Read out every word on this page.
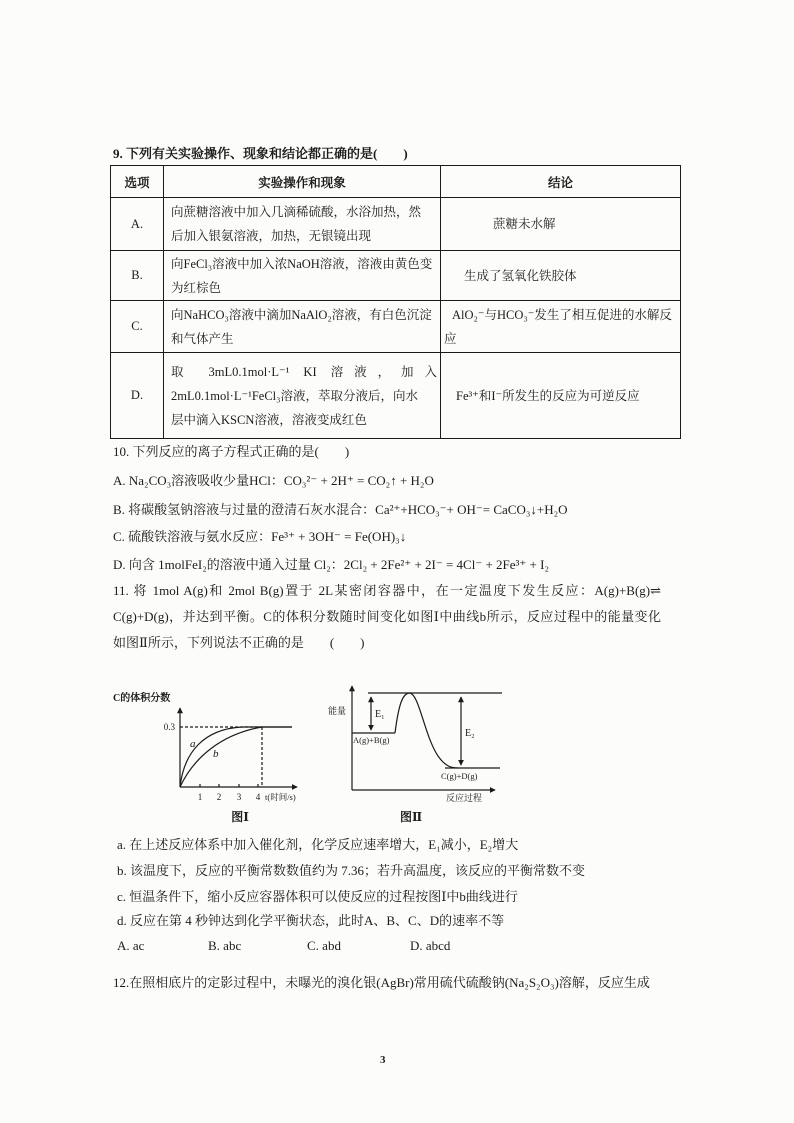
9. 下列有关实验操作、现象和结论都正确的是(　　)
选项	实验操作和现象	结论
A.	向蔗糖溶液中加入几滴稀硫酸，水浴加热，然
后加入银氨溶液，加热，无银镜出现	蔗糖未水解

B.	向FeCl₃溶液中加入浓NaOH溶液，溶液由黄色变
为红棕色	生成了氢氧化铁胶体

C.	向NaHCO₃溶液中滴加NaAlO₂溶液，有白色沉淀
和气体产生	AlO₂⁻与HCO₃⁻发生了相互促进的水解反
应

D.	取 3mL0.1mol·L⁻¹ KI 溶液，加入
2mL0.1mol·L⁻¹FeCl₃溶液，萃取分液后，向水
层中滴入KSCN溶液，溶液变成红色	Fe³⁺和I⁻所发生的反应为可逆反应
10. 下列反应的离子方程式正确的是(　　)
A. Na₂CO₃溶液吸收少量HCl：CO₃²⁻ + 2H⁺ = CO₂↑ + H₂O
B. 将碳酸氢钠溶液与过量的澄清石灰水混合：Ca²⁺+HCO₃⁻+ OH⁻= CaCO₃↓+H₂O
C. 硫酸铁溶液与氨水反应：Fe³⁺ + 3OH⁻ = Fe(OH)₃↓
D. 向含 1molFeI₂的溶液中通入过量 Cl₂：2Cl₂ + 2Fe²⁺ + 2I⁻ = 4Cl⁻ + 2Fe³⁺ + I₂
11. 将 1mol A(g)和 2mol B(g)置于 2L某密闭容器中，在一定温度下发生反应：A(g)+B(g)⇌
C(g)+D(g)，并达到平衡。C的体积分数随时间变化如图Ⅰ中曲线b所示，反应过程中的能量变化
如图Ⅱ所示，下列说法不正确的是　　(　　)
C的体积分数
1 2 3 4 t(时间/s)
0.3
a
b
图Ⅰ
能量	E₁
A(g)+B(g)
E₂
C(g)+D(g)
反应过程
图Ⅱ
a. 在上述反应体系中加入催化剂，化学反应速率增大，E₁减小，E₂增大
b. 该温度下，反应的平衡常数数值约为 7.36；若升高温度，该反应的平衡常数不变
c. 恒温条件下，缩小反应容器体积可以使反应的过程按图Ⅰ中b曲线进行
d. 反应在第 4 秒钟达到化学平衡状态，此时A、B、C、D的速率不等
A. ac	B. abc	C. abd	D. abcd
12.在照相底片的定影过程中，未曝光的溴化银(AgBr)常用硫代硫酸钠(Na₂S₂O₃)溶解，反应生成
3
